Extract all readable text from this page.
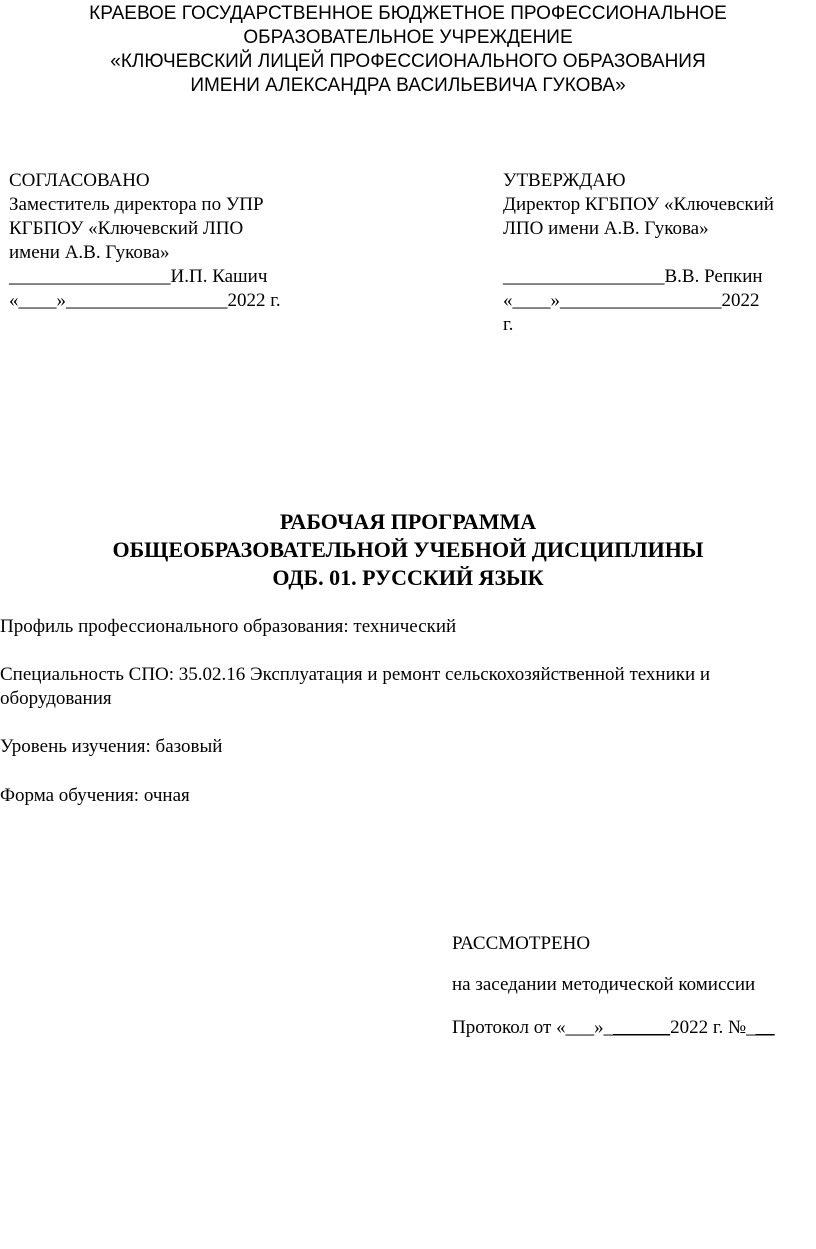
КРАЕВОЕ ГОСУДАРСТВЕННОЕ БЮДЖЕТНОЕ ПРОФЕССИОНАЛЬНОЕ
ОБРАЗОВАТЕЛЬНОЕ УЧРЕЖДЕНИЕ
«КЛЮЧЕВСКИЙ ЛИЦЕЙ ПРОФЕССИОНАЛЬНОГО ОБРАЗОВАНИЯ
ИМЕНИ АЛЕКСАНДРА ВАСИЛЬЕВИЧА ГУКОВА»
СОГЛАСОВАНО
Заместитель директора по УПР
КГБПОУ «Ключевский ЛПО
имени А.В. Гукова»
_________________И.П. Кашич
«____»_________________2022 г.
УТВЕРЖДАЮ
Директор КГБПОУ «Ключевский
ЛПО имени А.В. Гукова»

_________________В.В. Репкин
«____»_________________2022
г.
РАБОЧАЯ ПРОГРАММА
ОБЩЕОБРАЗОВАТЕЛЬНОЙ УЧЕБНОЙ ДИСЦИПЛИНЫ
ОДБ. 01. РУССКИЙ ЯЗЫК
Профиль профессионального образования: технический
Специальность СПО: 35.02.16 Эксплуатация и ремонт сельскохозяйственной техники и
оборудования
Уровень изучения: базовый
Форма обучения: очная
РАССМОТРЕНО
на заседании методической комиссии
Протокол от «___»_______2022 г. №___
